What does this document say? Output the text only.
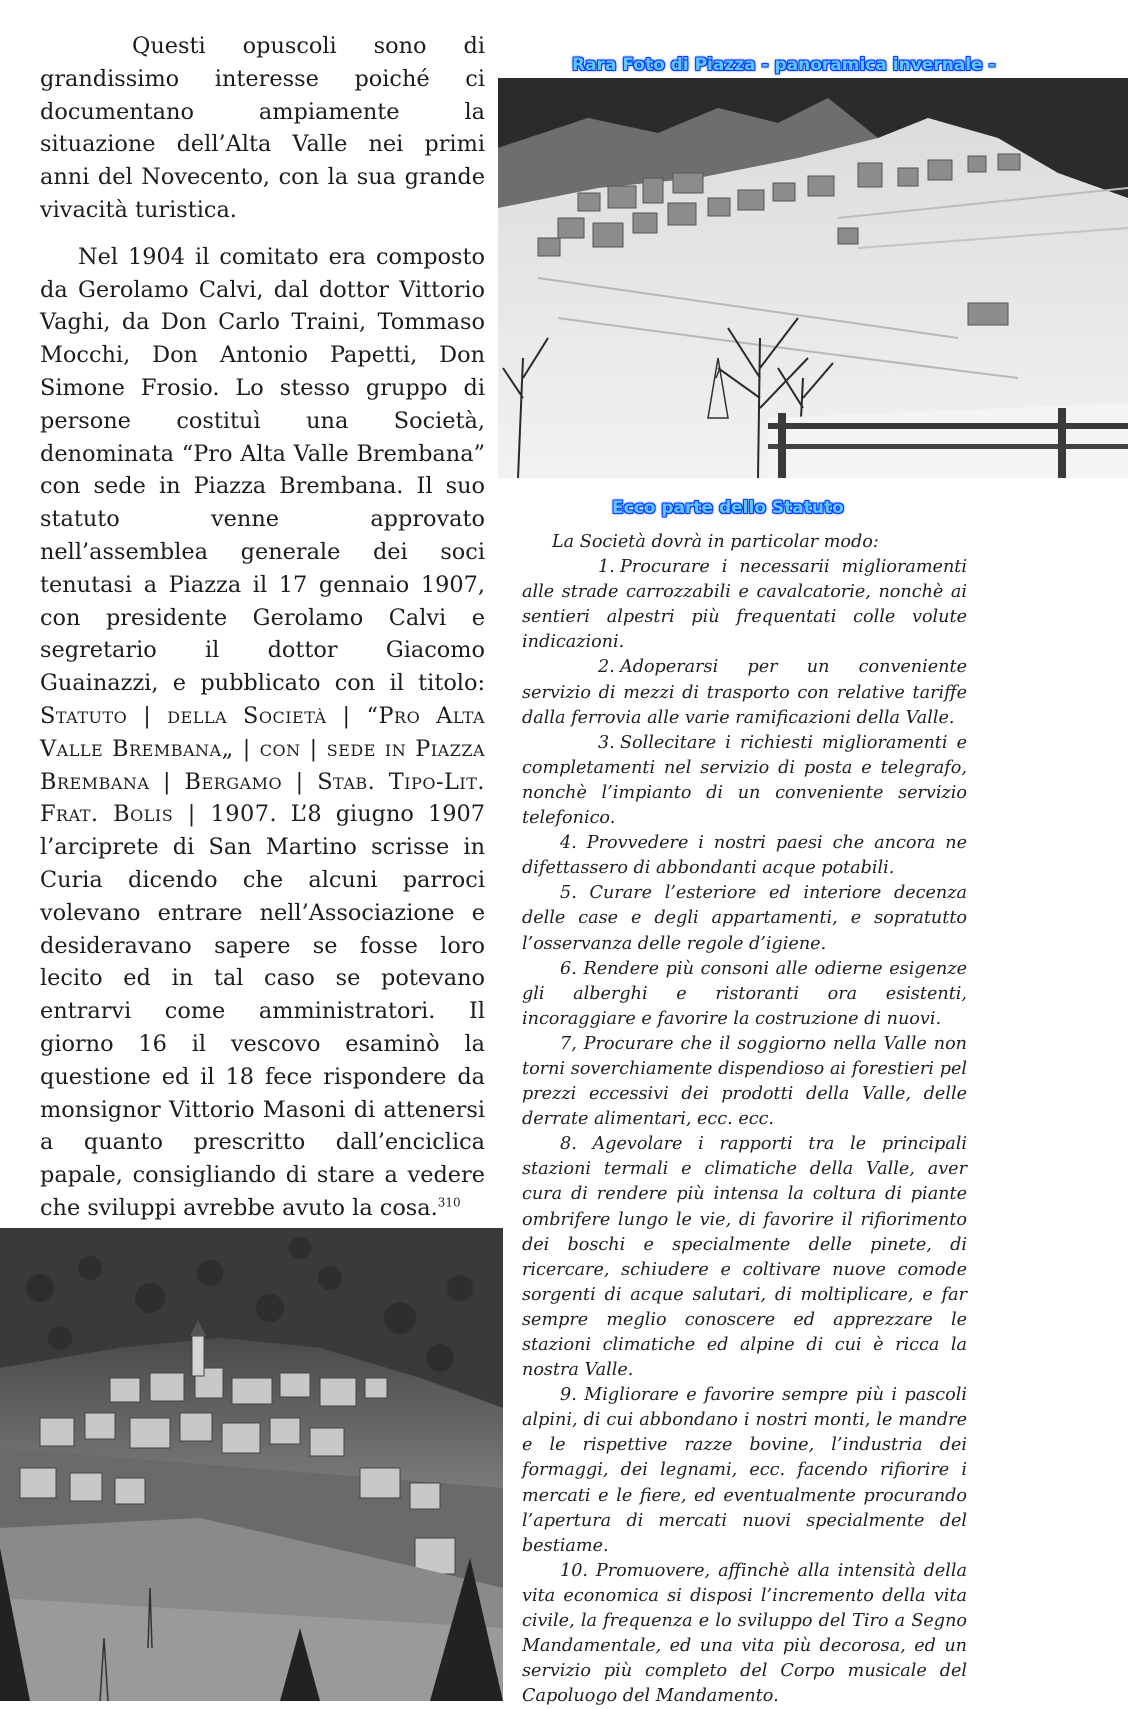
Questi opuscoli sono di grandissimo interesse poiché ci documentano ampiamente la situazione dell’Alta Valle nei primi anni del Novecento, con la sua grande vivacità turistica.

Nel 1904 il comitato era composto da Gerolamo Calvi, dal dottor Vittorio Vaghi, da Don Carlo Traini, Tommaso Mocchi, Don Antonio Papetti, Don Simone Frosio. Lo stesso gruppo di persone costituì una Società, denominata “Pro Alta Valle Brembana” con sede in Piazza Brembana. Il suo statuto venne approvato nell’assemblea generale dei soci tenutasi a Piazza il 17 gennaio 1907, con presidente Gerolamo Calvi e segretario il dottor Giacomo Guainazzi, e pubblicato con il titolo: Statuto | della Società | “Pro Alta Valle Brembana„ | con | sede in Piazza Brembana | Bergamo | Stab. Tipo-Lit. Frat. Bolis | 1907. L’8 giugno 1907 l’arciprete di San Martino scrisse in Curia dicendo che alcuni parroci volevano entrare nell’Associazione e desideravano sapere se fosse loro lecito ed in tal caso se potevano entrarvi come amministratori. Il giorno 16 il vescovo esaminò la questione ed il 18 fece rispondere da monsignor Vittorio Masoni di attenersi a quanto prescritto dall’enciclica papale, consigliando di stare a vedere che sviluppi avrebbe avuto la cosa.$^{310}$

Rara Foto di Piazza - panoramica invernale -
Ecco parte dello Statuto

La Società dovrà in particolar modo:

1. Procurare i necessarii miglioramenti alle strade carrozzabili e cavalcatorie, nonchè ai sentieri alpestri più frequentati colle volute indicazioni.

2. Adoperarsi per un conveniente servizio di mezzi di trasporto con relative tariffe dalla ferrovia alle varie ramificazioni della Valle.

3. Sollecitare i richiesti miglioramenti e completamenti nel servizio di posta e telegrafo, nonchè l’impianto di un conveniente servizio telefonico.

4. Provvedere i nostri paesi che ancora ne difettassero di abbondanti acque potabili.

5. Curare l’esteriore ed interiore decenza delle case e degli appartamenti, e sopratutto l’osservanza delle regole d’igiene.

6. Rendere più consoni alle odierne esigenze gli alberghi e ristoranti ora esistenti, incoraggiare e favorire la costruzione di nuovi.

7, Procurare che il soggiorno nella Valle non torni soverchiamente dispendioso ai forestieri pel prezzi eccessivi dei prodotti della Valle, delle derrate alimentari, ecc. ecc.

8. Agevolare i rapporti tra le principali stazioni termali e climatiche della Valle, aver cura di rendere più intensa la coltura di piante ombrifere lungo le vie, di favorire il rifiorimento dei boschi e specialmente delle pinete, di ricercare, schiudere e coltivare nuove comode sorgenti di acque salutari, di moltiplicare, e far sempre meglio conoscere ed apprezzare le stazioni climatiche ed alpine di cui è ricca la nostra Valle.

9. Migliorare e favorire sempre più i pascoli alpini, di cui abbondano i nostri monti, le mandre e le rispettive razze bovine, l’industria dei formaggi, dei legnami, ecc. facendo rifiorire i mercati e le fiere, ed eventualmente procurando l’apertura di mercati nuovi specialmente del bestiame.

10. Promuovere, affinchè alla intensità della vita economica si disposi l’incremento della vita civile, la frequenza e lo sviluppo del Tiro a Segno Mandamentale, ed una vita più decorosa, ed un servizio più completo del Corpo musicale del Capoluogo del Mandamento.
